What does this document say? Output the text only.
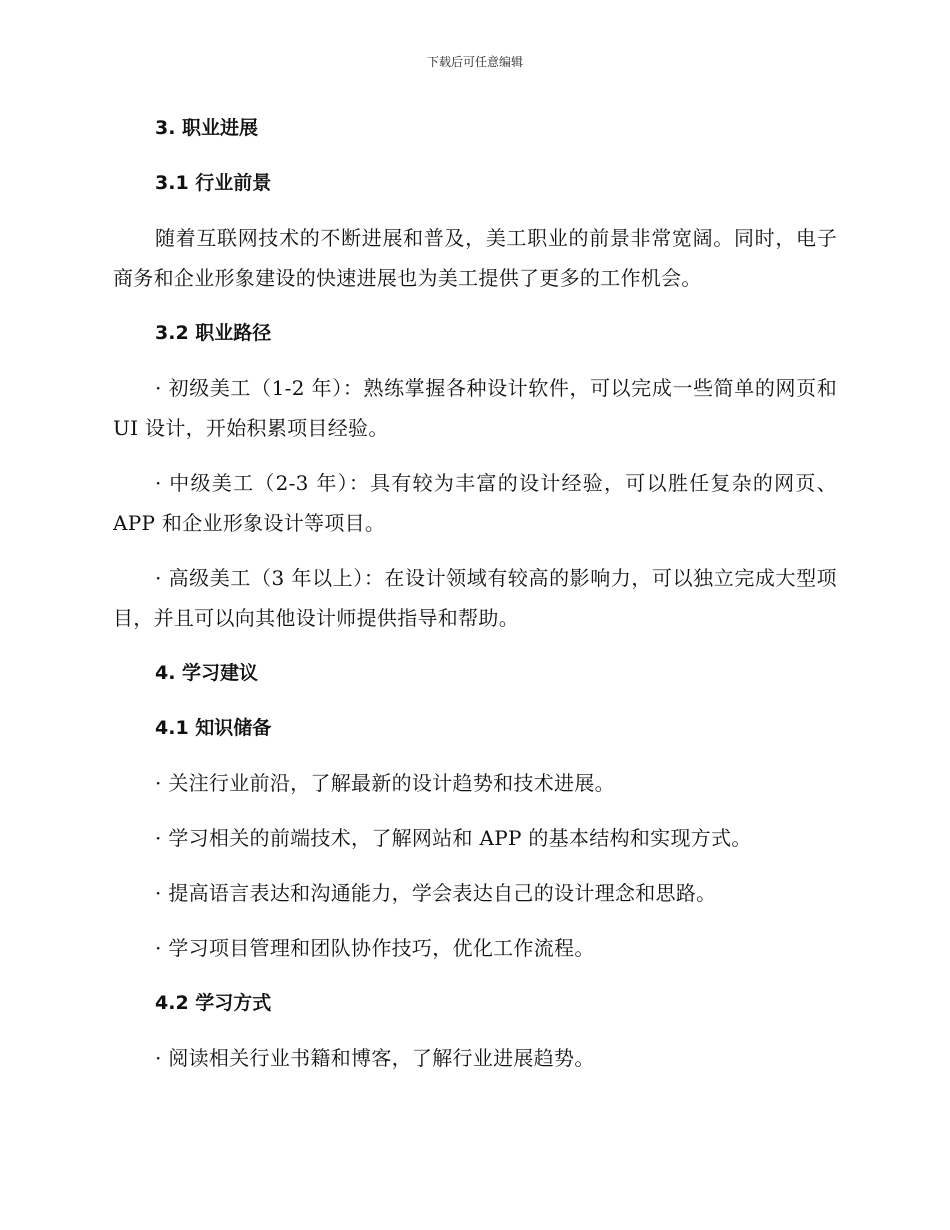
下载后可任意编辑
3. 职业进展
3.1 行业前景
随着互联网技术的不断进展和普及，美工职业的前景非常宽阔。同时，电子商务和企业形象建设的快速进展也为美工提供了更多的工作机会。
3.2 职业路径
· 初级美工（1-2 年）：熟练掌握各种设计软件，可以完成一些简单的网页和 UI 设计，开始积累项目经验。
· 中级美工（2-3 年）：具有较为丰富的设计经验，可以胜任复杂的网页、APP 和企业形象设计等项目。
· 高级美工（3 年以上）：在设计领域有较高的影响力，可以独立完成大型项目，并且可以向其他设计师提供指导和帮助。
4. 学习建议
4.1 知识储备
· 关注行业前沿，了解最新的设计趋势和技术进展。
· 学习相关的前端技术，了解网站和 APP 的基本结构和实现方式。
· 提高语言表达和沟通能力，学会表达自己的设计理念和思路。
· 学习项目管理和团队协作技巧，优化工作流程。
4.2 学习方式
· 阅读相关行业书籍和博客，了解行业进展趋势。
